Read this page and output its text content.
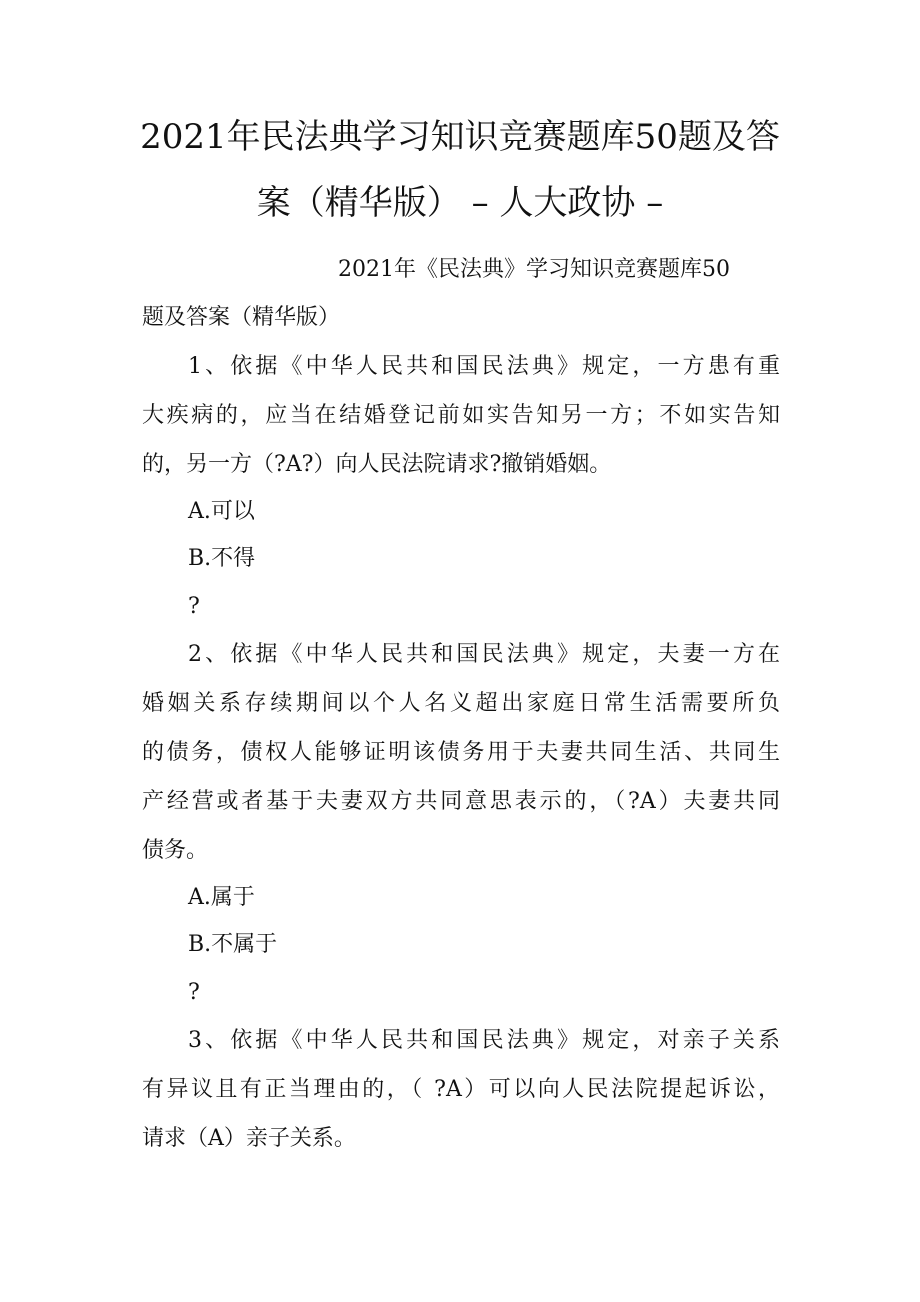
2021年民法典学习知识竞赛题库50题及答
案（精华版） – 人大政协 –

2021年《民法典》学习知识竞赛题库50

题及答案（精华版）

1、依据《中华人民共和国民法典》规定，一方患有重

大疾病的，应当在结婚登记前如实告知另一方；不如实告知

的，另一方（?A?）向人民法院请求?撤销婚姻。

A.可以

B.不得

?

2、依据《中华人民共和国民法典》规定，夫妻一方在

婚姻关系存续期间以个人名义超出家庭日常生活需要所负

的债务，债权人能够证明该债务用于夫妻共同生活、共同生

产经营或者基于夫妻双方共同意思表示的，（?A）夫妻共同

债务。

A.属于

B.不属于

?

3、依据《中华人民共和国民法典》规定，对亲子关系

有异议且有正当理由的，（ ?A）可以向人民法院提起诉讼，

请求（A）亲子关系。
